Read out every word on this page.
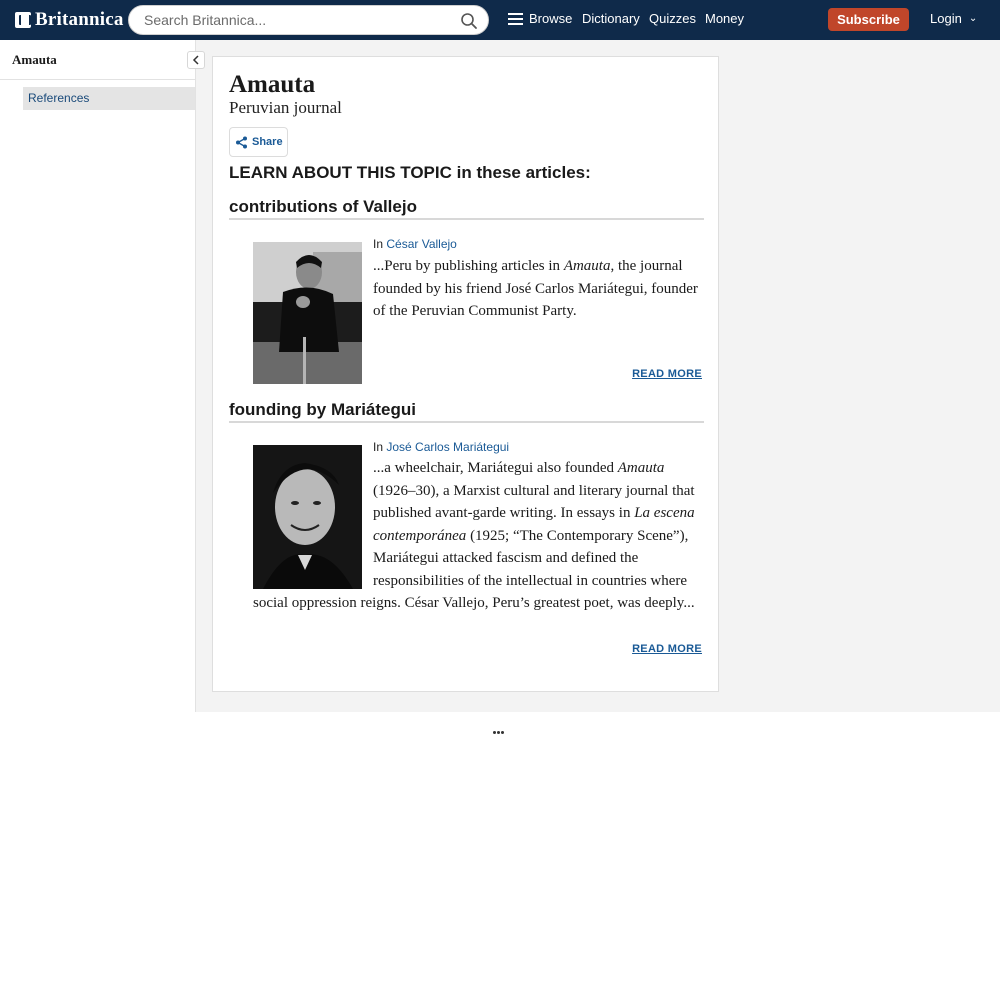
Britannica
Search Britannica...	Browse Dictionary Quizzes Money	Subscribe	Login ⌄
Amauta
References	Amauta
Peruvian journal
Share
LEARN ABOUT THIS TOPIC in these articles:
contributions of Vallejo
In César Vallejo
...Peru by publishing articles in Amauta, the journal founded by his friend José Carlos Mariátegui, founder of the Peruvian Communist Party.
READ MORE
founding by Mariátegui
In José Carlos Mariátegui
...a wheelchair, Mariátegui also founded Amauta (1926–30), a Marxist cultural and literary journal that published avant-garde writing. In essays in La escena contemporánea (1925; “The Contemporary Scene”), Mariátegui attacked fascism and defined the responsibilities of the intellectual in countries where social oppression reigns. César Vallejo, Peru’s greatest poet, was deeply...
READ MORE
